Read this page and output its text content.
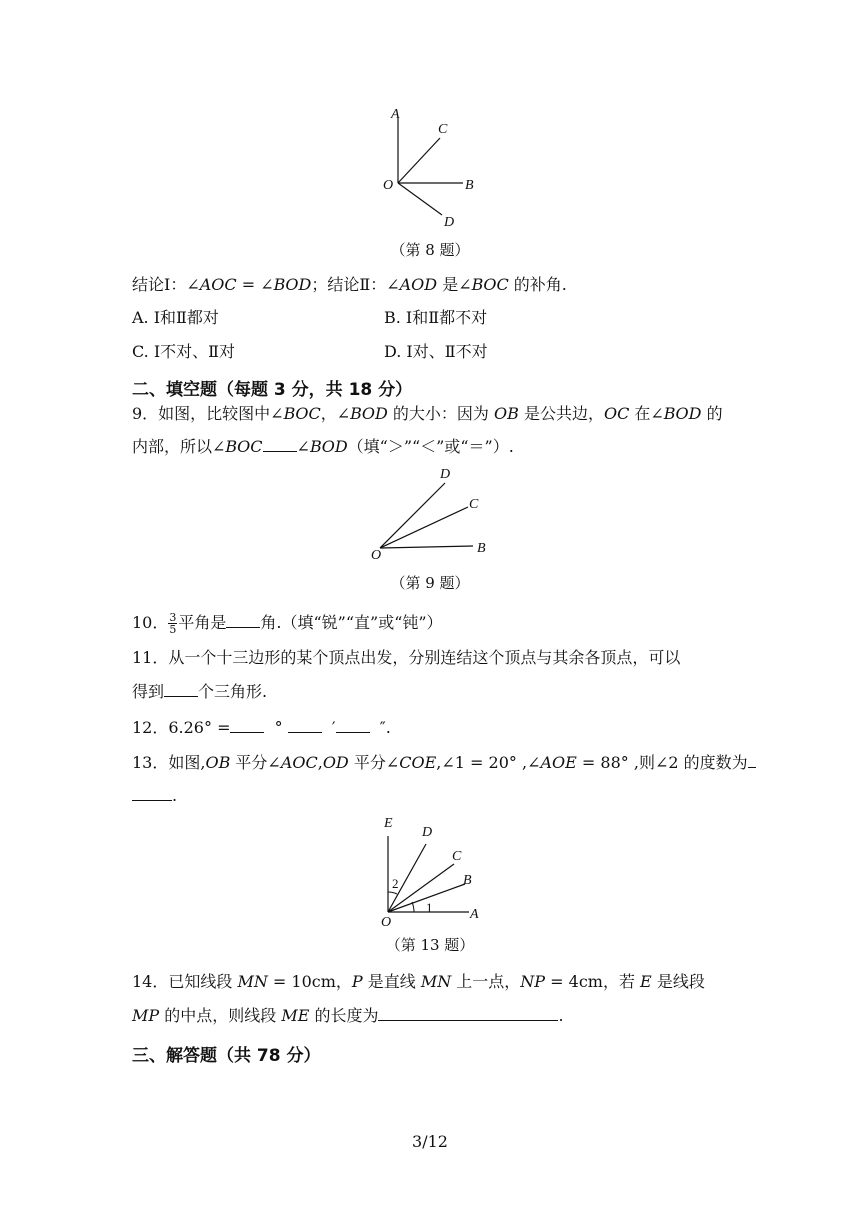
A
C
O	B
D
（第 8 题）
结论Ⅰ：∠𝐴𝑂𝐶 = ∠𝐵𝑂𝐷；结论Ⅱ：∠𝐴𝑂𝐷 是∠𝐵𝑂𝐶 的补角.
A. Ⅰ和Ⅱ都对	B. Ⅰ和Ⅱ都不对
C. Ⅰ不对、Ⅱ对	D. Ⅰ对、Ⅱ不对
二、填空题（每题 3 分，共 18 分）
9．如图，比较图中∠𝐵𝑂𝐶，∠𝐵𝑂𝐷 的大小：因为 𝑂𝐵 是公共边，𝑂𝐶 在∠𝐵𝑂𝐷 的
内部，所以∠𝐵𝑂𝐶 ∠𝐵𝑂𝐷（填“＞”“＜”或“＝”）.
D
C
O	B
（第 9 题）
10． $\frac{3}{5}$ 平角是 角.（填“锐”“直”或“钝”）
11．从一个十三边形的某个顶点出发，分别连结这个顶点与其余各顶点，可以
得到 个三角形.
12．6.26° =	°	′	″.
13．如图,𝑂𝐵 平分∠𝐴𝑂𝐶,𝑂𝐷 平分∠𝐶𝑂𝐸,∠1 = 20° ,∠𝐴𝑂𝐸 = 88° ,则∠2 的度数为
.
E
D
C
B
O
A
1
2
（第 13 题）
14．已知线段 𝑀𝑁 = 10cm，𝑃 是直线 𝑀𝑁 上一点，𝑁𝑃 = 4cm，若 𝐸 是线段
𝑀𝑃 的中点，则线段 𝑀𝐸 的长度为	.
三、解答题（共 78 分）
3/12
